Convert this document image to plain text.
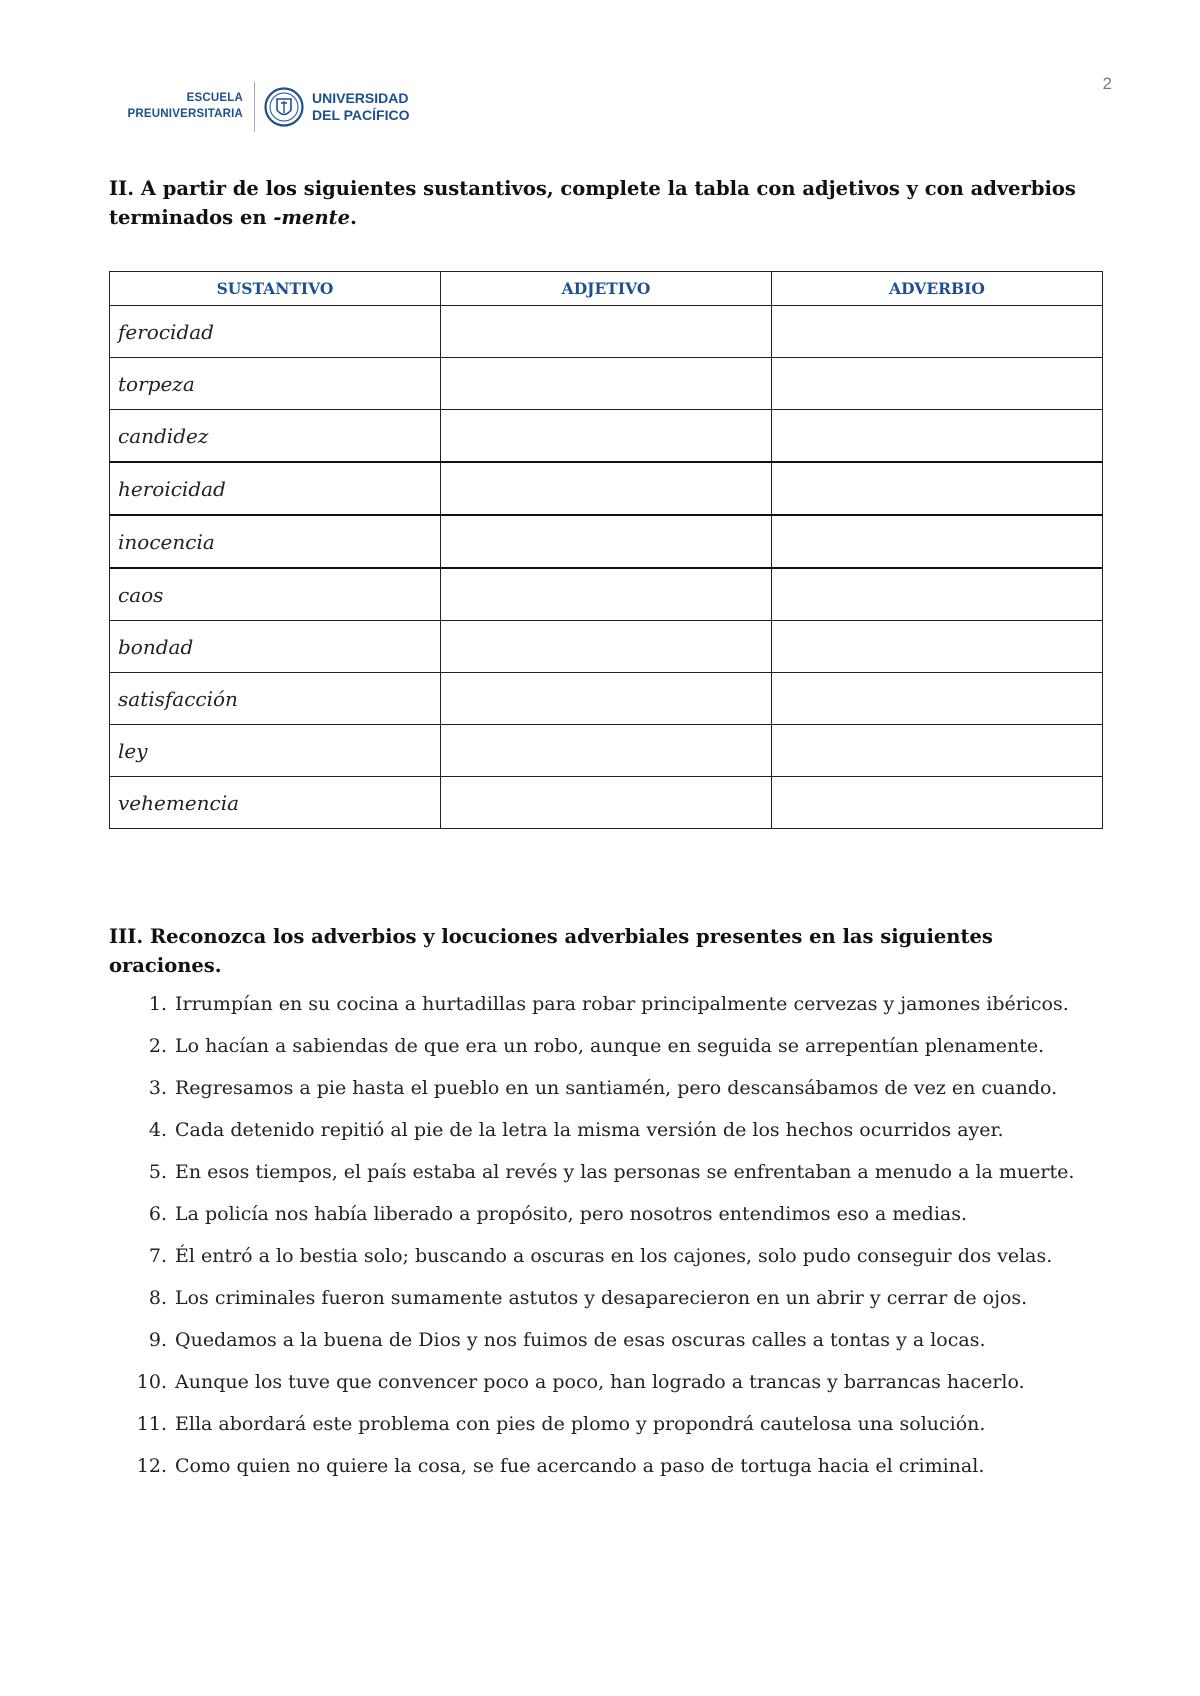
2
ESCUELA
PREUNIVERSITARIA
UNIVERSIDAD
DEL PACÍFICO
II. A partir de los siguientes sustantivos, complete la tabla con adjetivos y con adverbios terminados en -mente.
SUSTANTIVO	ADJETIVO	ADVERBIO
ferocidad		
torpeza		
candidez		
heroicidad		
inocencia		
caos		
bondad		
satisfacción		
ley		
vehemencia		
III. Reconozca los adverbios y locuciones adverbiales presentes en las siguientes oraciones.
1. Irrumpían en su cocina a hurtadillas para robar principalmente cervezas y jamones ibéricos.
2. Lo hacían a sabiendas de que era un robo, aunque en seguida se arrepentían plenamente.
3. Regresamos a pie hasta el pueblo en un santiamén, pero descansábamos de vez en cuando.
4. Cada detenido repitió al pie de la letra la misma versión de los hechos ocurridos ayer.
5. En esos tiempos, el país estaba al revés y las personas se enfrentaban a menudo a la muerte.
6. La policía nos había liberado a propósito, pero nosotros entendimos eso a medias.
7. Él entró a lo bestia solo; buscando a oscuras en los cajones, solo pudo conseguir dos velas.
8. Los criminales fueron sumamente astutos y desaparecieron en un abrir y cerrar de ojos.
9. Quedamos a la buena de Dios y nos fuimos de esas oscuras calles a tontas y a locas.
10. Aunque los tuve que convencer poco a poco, han logrado a trancas y barrancas hacerlo.
11. Ella abordará este problema con pies de plomo y propondrá cautelosa una solución.
12. Como quien no quiere la cosa, se fue acercando a paso de tortuga hacia el criminal.
